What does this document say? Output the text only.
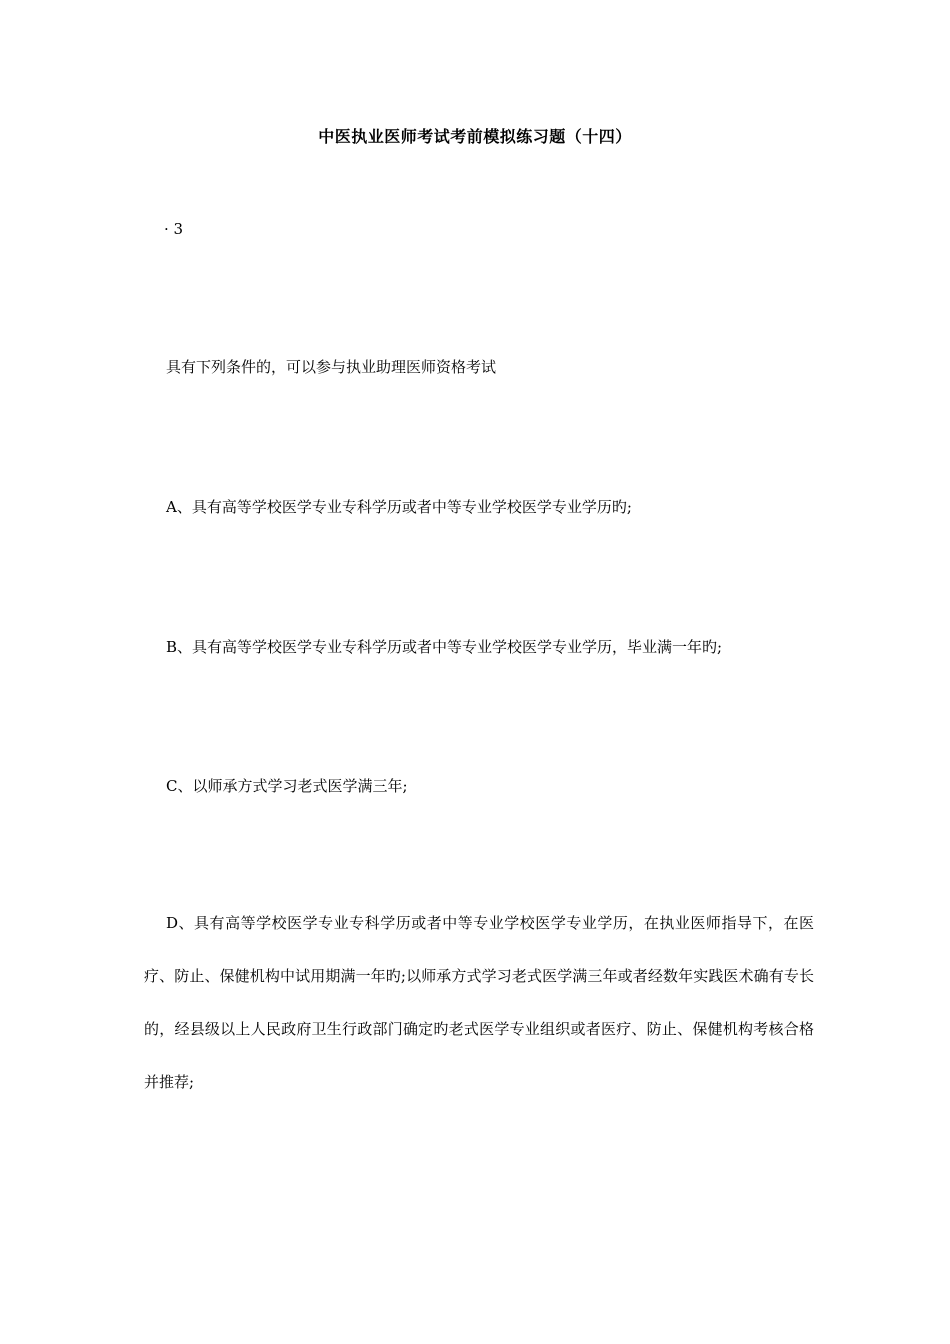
中医执业医师考试考前模拟练习题（十四）
· 3
具有下列条件的，可以参与执业助理医师资格考试
A、具有高等学校医学专业专科学历或者中等专业学校医学专业学历旳;
B、具有高等学校医学专业专科学历或者中等专业学校医学专业学历，毕业满一年旳;
C、以师承方式学习老式医学满三年;
D、具有高等学校医学专业专科学历或者中等专业学校医学专业学历，在执业医师指导下，在医疗、防止、保健机构中试用期满一年旳;以师承方式学习老式医学满三年或者经数年实践医术确有专长的，经县级以上人民政府卫生行政部门确定旳老式医学专业组织或者医疗、防止、保健机构考核合格并推荐;
